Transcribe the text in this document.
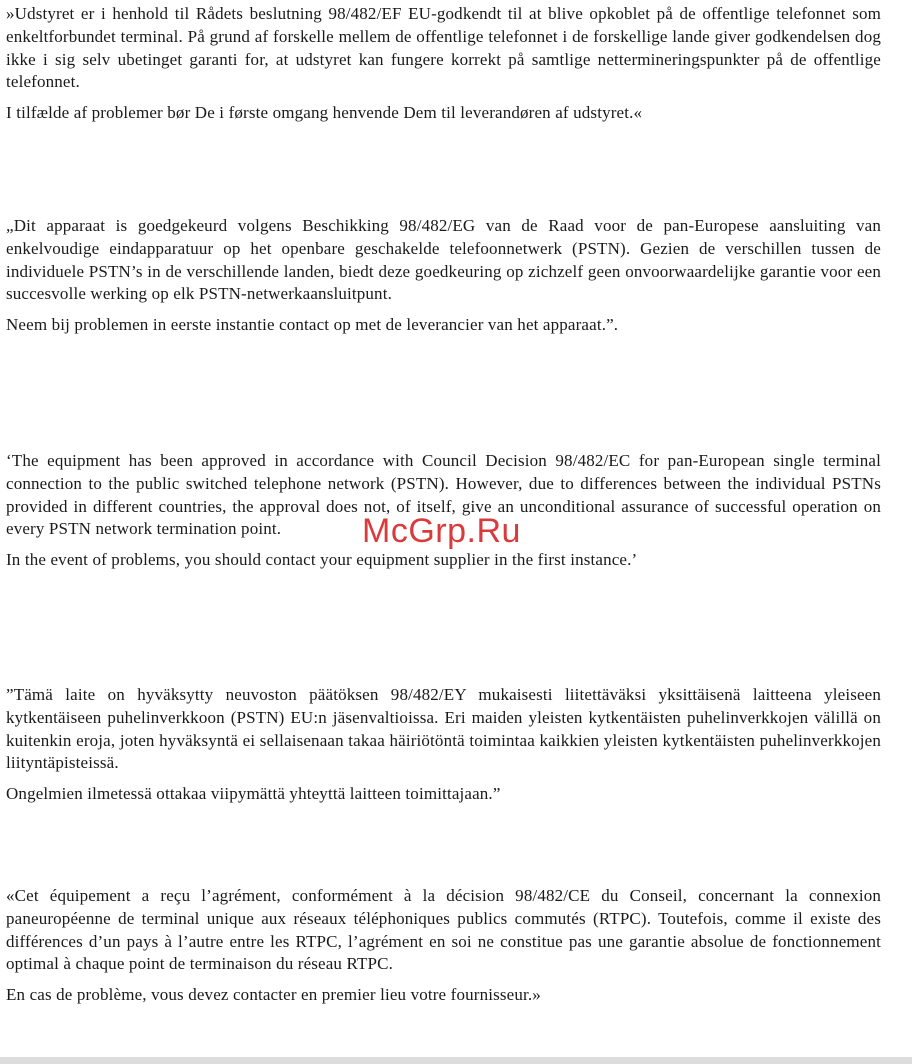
»Udstyret er i henhold til Rådets beslutning 98/482/EF EU-godkendt til at blive opkoblet på de offentlige telefonnet som enkeltforbundet terminal. På grund af forskelle mellem de offentlige telefonnet i de forskellige lande giver godkendelsen dog ikke i sig selv ubetinget garanti for, at udstyret kan fungere korrekt på samtlige nettermineringspunkter på de offentlige telefonnet.

I tilfælde af problemer bør De i første omgang henvende Dem til leverandøren af udstyret.«

„Dit apparaat is goedgekeurd volgens Beschikking 98/482/EG van de Raad voor de pan-Europese aansluiting van enkelvoudige eindapparatuur op het openbare geschakelde telefoonnetwerk (PSTN). Gezien de verschillen tussen de individuele PSTN’s in de verschillende landen, biedt deze goedkeuring op zichzelf geen onvoorwaardelijke garantie voor een succesvolle werking op elk PSTN-netwerkaansluitpunt.

Neem bij problemen in eerste instantie contact op met de leverancier van het apparaat.”.

‘The equipment has been approved in accordance with Council Decision 98/482/EC for pan-European single terminal connection to the public switched telephone network (PSTN). However, due to differences between the individual PSTNs provided in different countries, the approval does not, of itself, give an unconditional assurance of successful operation on every PSTN network termination point.

In the event of problems, you should contact your equipment supplier in the first instance.’

”Tämä laite on hyväksytty neuvoston päätöksen 98/482/EY mukaisesti liitettäväksi yksittäisenä laitteena yleiseen kytkentäiseen puhelinverkkoon (PSTN) EU:n jäsenvaltioissa. Eri maiden yleisten kytkentäisten puhelinverkkojen välillä on kuitenkin eroja, joten hyväksyntä ei sellaisenaan takaa häiriötöntä toimintaa kaikkien yleisten kytkentäisten puhelinverkkojen liityntäpisteissä.

Ongelmien ilmetessä ottakaa viipymättä yhteyttä laitteen toimittajaan.”

«Cet équipement a reçu l’agrément, conformément à la décision 98/482/CE du Conseil, concernant la connexion paneuropéenne de terminal unique aux réseaux téléphoniques publics commutés (RTPC). Toutefois, comme il existe des différences d’un pays à l’autre entre les RTPC, l’agrément en soi ne constitue pas une garantie absolue de fonctionnement optimal à chaque point de terminaison du réseau RTPC.

En cas de problème, vous devez contacter en premier lieu votre fournisseur.»

McGrp.Ru
